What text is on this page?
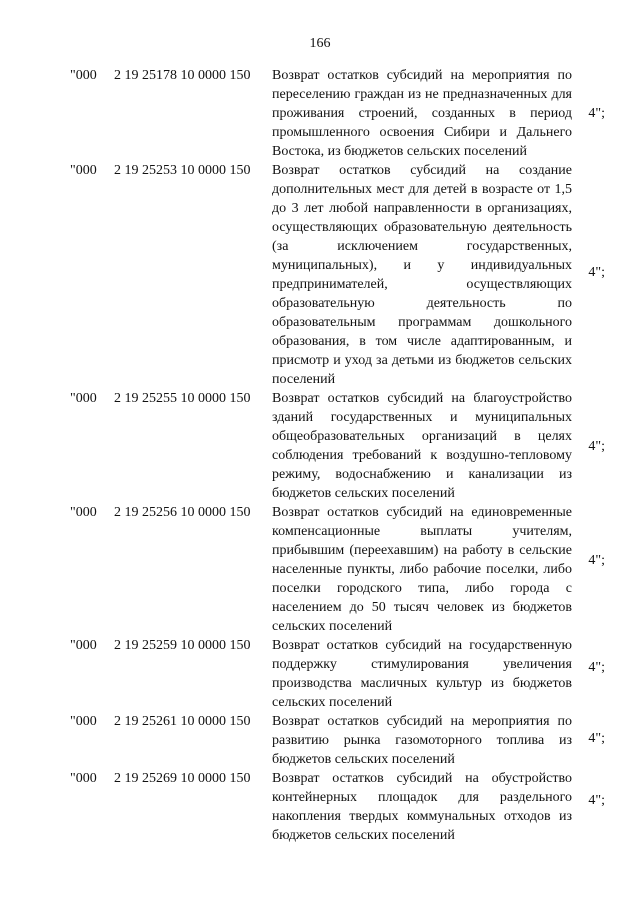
166
"000 2 19 25178 10 0000 150 Возврат остатков субсидий на мероприятия по переселению граждан из не предназначенных для проживания строений, созданных в период промышленного освоения Сибири и Дальнего Востока, из бюджетов сельских поселений
4";
"000 2 19 25253 10 0000 150 Возврат остатков субсидий на создание дополнительных мест для детей в возрасте от 1,5 до 3 лет любой направленности в организациях, осуществляющих образовательную деятельность (за исключением государственных, муниципальных), и у индивидуальных предпринимателей, осуществляющих образовательную деятельность по образовательным программам дошкольного образования, в том числе адаптированным, и присмотр и уход за детьми из бюджетов сельских поселений
4";
"000 2 19 25255 10 0000 150 Возврат остатков субсидий на благоустройство зданий государственных и муниципальных общеобразовательных организаций в целях соблюдения требований к воздушно-тепловому режиму, водоснабжению и канализации из бюджетов сельских поселений
4";
"000 2 19 25256 10 0000 150 Возврат остатков субсидий на единовременные компенсационные выплаты учителям, прибывшим (переехавшим) на работу в сельские населенные пункты, либо рабочие поселки, либо поселки городского типа, либо города с населением до 50 тысяч человек из бюджетов сельских поселений
4";
"000 2 19 25259 10 0000 150 Возврат остатков субсидий на государственную поддержку стимулирования увеличения производства масличных культур из бюджетов сельских поселений
4";
"000 2 19 25261 10 0000 150 Возврат остатков субсидий на мероприятия по развитию рынка газомоторного топлива из бюджетов сельских поселений
4";
"000 2 19 25269 10 0000 150 Возврат остатков субсидий на обустройство контейнерных площадок для раздельного накопления твердых коммунальных отходов из бюджетов сельских поселений
4";
